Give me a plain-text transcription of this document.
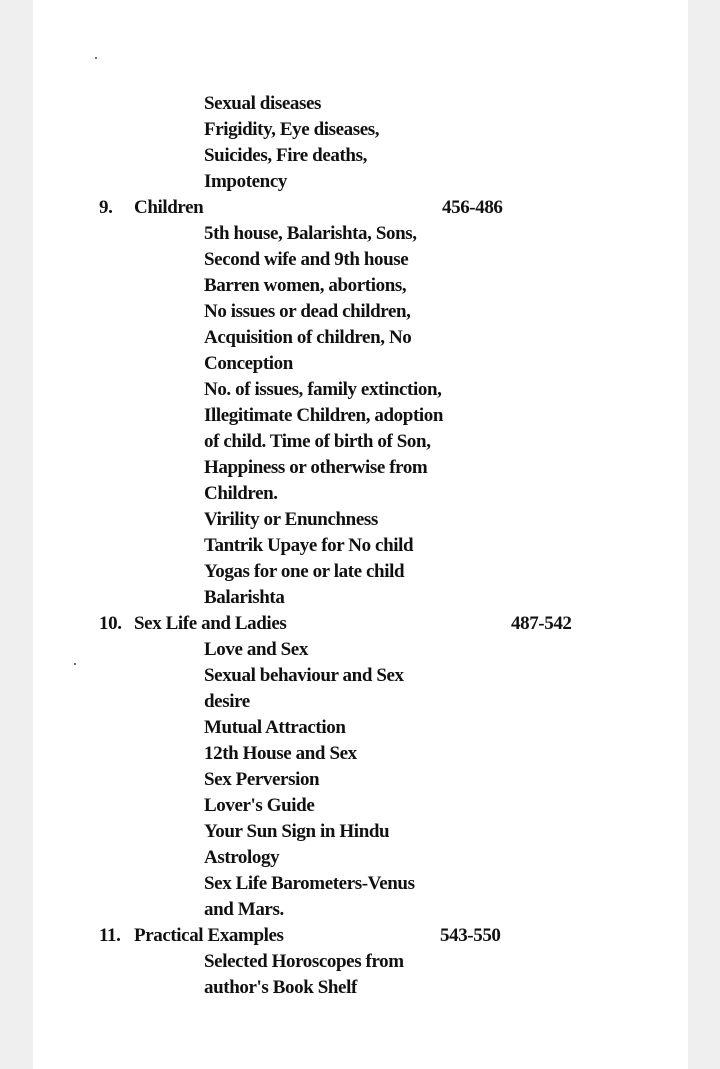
Sexual diseases
Frigidity, Eye diseases,
Suicides, Fire deaths,
Impotency
9. Children	456-486
5th house, Balarishta, Sons,
Second wife and 9th house
Barren women, abortions,
No issues or dead children,
Acquisition of children, No
Conception
No. of issues, family extinction,
Illegitimate Children, adoption
of child. Time of birth of Son,
Happiness or otherwise from
Children.
Virility or Enunchness
Tantrik Upaye for No child
Yogas for one or late child
Balarishta
10. Sex Life and Ladies	487-542
Love and Sex
Sexual behaviour and Sex
desire
Mutual Attraction
12th House and Sex
Sex Perversion
Lover's Guide
Your Sun Sign in Hindu
Astrology
Sex Life Barometers-Venus
and Mars.
11. Practical Examples	543-550
Selected Horoscopes from
author's Book Shelf
